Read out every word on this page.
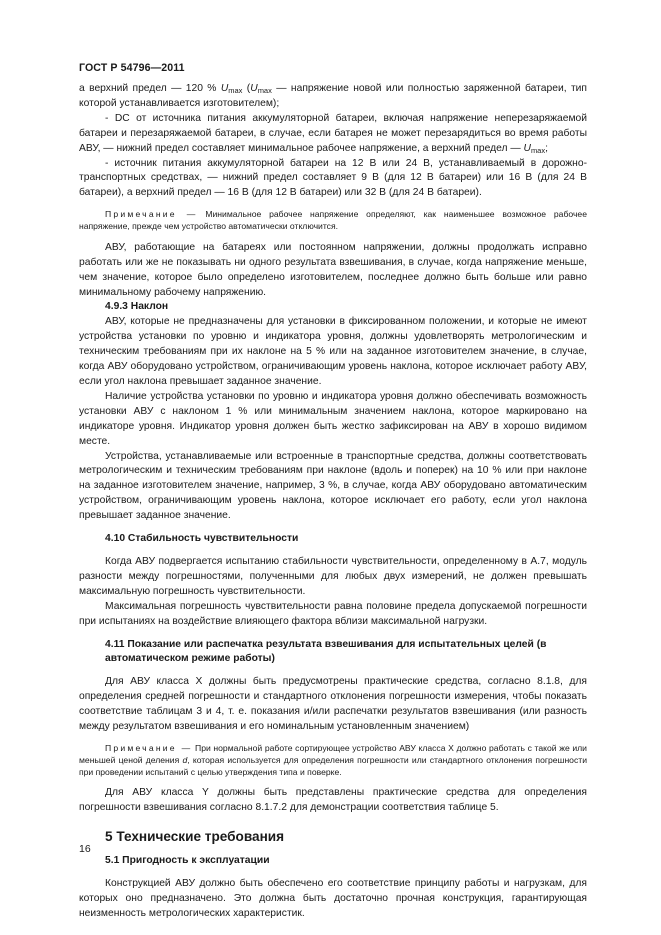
ГОСТ Р 54796—2011

а верхний предел — 120 % $U_{max}$ ($U_{max}$ — напряжение новой или полностью заряженной батареи, тип которой устанавливается изготовителем);

- DC от источника питания аккумуляторной батареи, включая напряжение неперезаряжаемой батареи и перезаряжаемой батареи, в случае, если батарея не может перезарядиться во время работы АВУ, — нижний предел составляет минимальное рабочее напряжение, а верхний предел — $U_{max}$;

- источник питания аккумуляторной батареи на 12 В или 24 В, устанавливаемый в дорожно-транспортных средствах, — нижний предел составляет 9 В (для 12 В батареи) или 16 В (для 24 В батареи), а верхний предел — 16 В (для 12 В батареи) или 32 В (для 24 В батареи).

Примечание — Минимальное рабочее напряжение определяют, как наименьшее возможное рабочее напряжение, прежде чем устройство автоматически отключится.

АВУ, работающие на батареях или постоянном напряжении, должны продолжать исправно работать или же не показывать ни одного результата взвешивания, в случае, когда напряжение меньше, чем значение, которое было определено изготовителем, последнее должно быть больше или равно минимальному рабочему напряжению.

4.9.3 Наклон

АВУ, которые не предназначены для установки в фиксированном положении, и которые не имеют устройства установки по уровню и индикатора уровня, должны удовлетворять метрологическим и техническим требованиям при их наклоне на 5 % или на заданное изготовителем значение, в случае, когда АВУ оборудовано устройством, ограничивающим уровень наклона, которое исключает работу АВУ, если угол наклона превышает заданное значение.

Наличие устройства установки по уровню и индикатора уровня должно обеспечивать возможность установки АВУ с наклоном 1 % или минимальным значением наклона, которое маркировано на индикаторе уровня. Индикатор уровня должен быть жестко зафиксирован на АВУ в хорошо видимом месте.

Устройства, устанавливаемые или встроенные в транспортные средства, должны соответствовать метрологическим и техническим требованиям при наклоне (вдоль и поперек) на 10 % или при наклоне на заданное изготовителем значение, например, 3 %, в случае, когда АВУ оборудовано автоматическим устройством, ограничивающим уровень наклона, которое исключает его работу, если угол наклона превышает заданное значение.

4.10 Стабильность чувствительности

Когда АВУ подвергается испытанию стабильности чувствительности, определенному в А.7, модуль разности между погрешностями, полученными для любых двух измерений, не должен превышать максимальную погрешность чувствительности.

Максимальная погрешность чувствительности равна половине предела допускаемой погрешности при испытаниях на воздействие влияющего фактора вблизи максимальной нагрузки.

4.11 Показание или распечатка результата взвешивания для испытательных целей (в автоматическом режиме работы)

Для АВУ класса X должны быть предусмотрены практические средства, согласно 8.1.8, для определения средней погрешности и стандартного отклонения погрешности измерения, чтобы показать соответствие таблицам 3 и 4, т. е. показания и/или распечатки результатов взвешивания (или разность между результатом взвешивания и его номинальным установленным значением)

Примечание — При нормальной работе сортирующее устройство АВУ класса X должно работать с такой же или меньшей ценой деления d, которая используется для определения погрешности или стандартного отклонения погрешности при проведении испытаний с целью утверждения типа и поверке.

Для АВУ класса Y должны быть представлены практические средства для определения погрешности взвешивания согласно 8.1.7.2 для демонстрации соответствия таблице 5.

5 Технические требования
5.1 Пригодность к эксплуатации

Конструкцией АВУ должно быть обеспечено его соответствие принципу работы и нагрузкам, для которых оно предназначено. Это должна быть достаточно прочная конструкция, гарантирующая неизменность метрологических характеристик.

16
